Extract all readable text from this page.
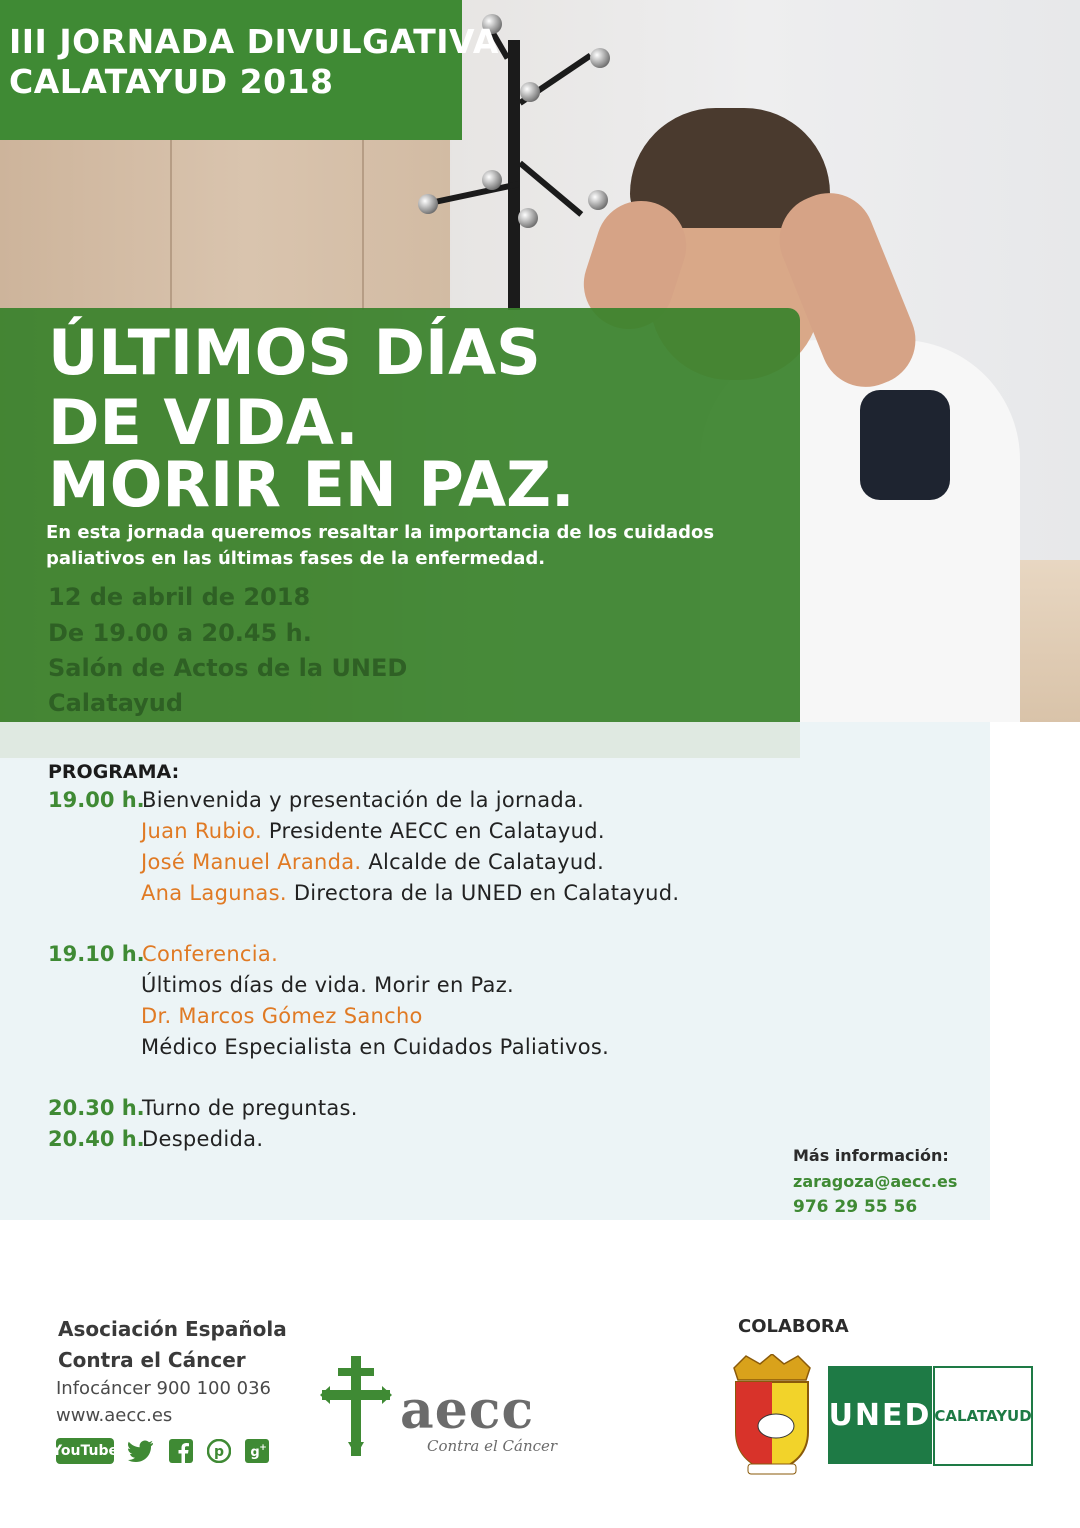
III JORNADA DIVULGATIVA
CALATAYUD 2018
ÚLTIMOS DÍAS
DE VIDA.
MORIR EN PAZ.
En esta jornada queremos resaltar la importancia de los cuidados
paliativos en las últimas fases de la enfermedad.
12 de abril de 2018
De 19.00 a 20.45 h.
Salón de Actos de la UNED
Calatayud
PROGRAMA:
19.00 h.
Bienvenida y presentación de la jornada.
Juan Rubio. Presidente AECC en Calatayud.
José Manuel Aranda. Alcalde de Calatayud.
Ana Lagunas. Directora de la UNED en Calatayud.
19.10 h.
Conferencia.
Últimos días de vida. Morir en Paz.
Dr. Marcos Gómez Sancho
Médico Especialista en Cuidados Paliativos.
20.30 h.
Turno de preguntas.
20.40 h.
Despedida.
Más información:
zaragoza@aecc.es
976 29 55 56
Asociación Española
Contra el Cáncer
Infocáncer 900 100 036
www.aecc.es
YouTube	p g +
aecc
Contra el Cáncer
COLABORA
UNED CALATAYUD
